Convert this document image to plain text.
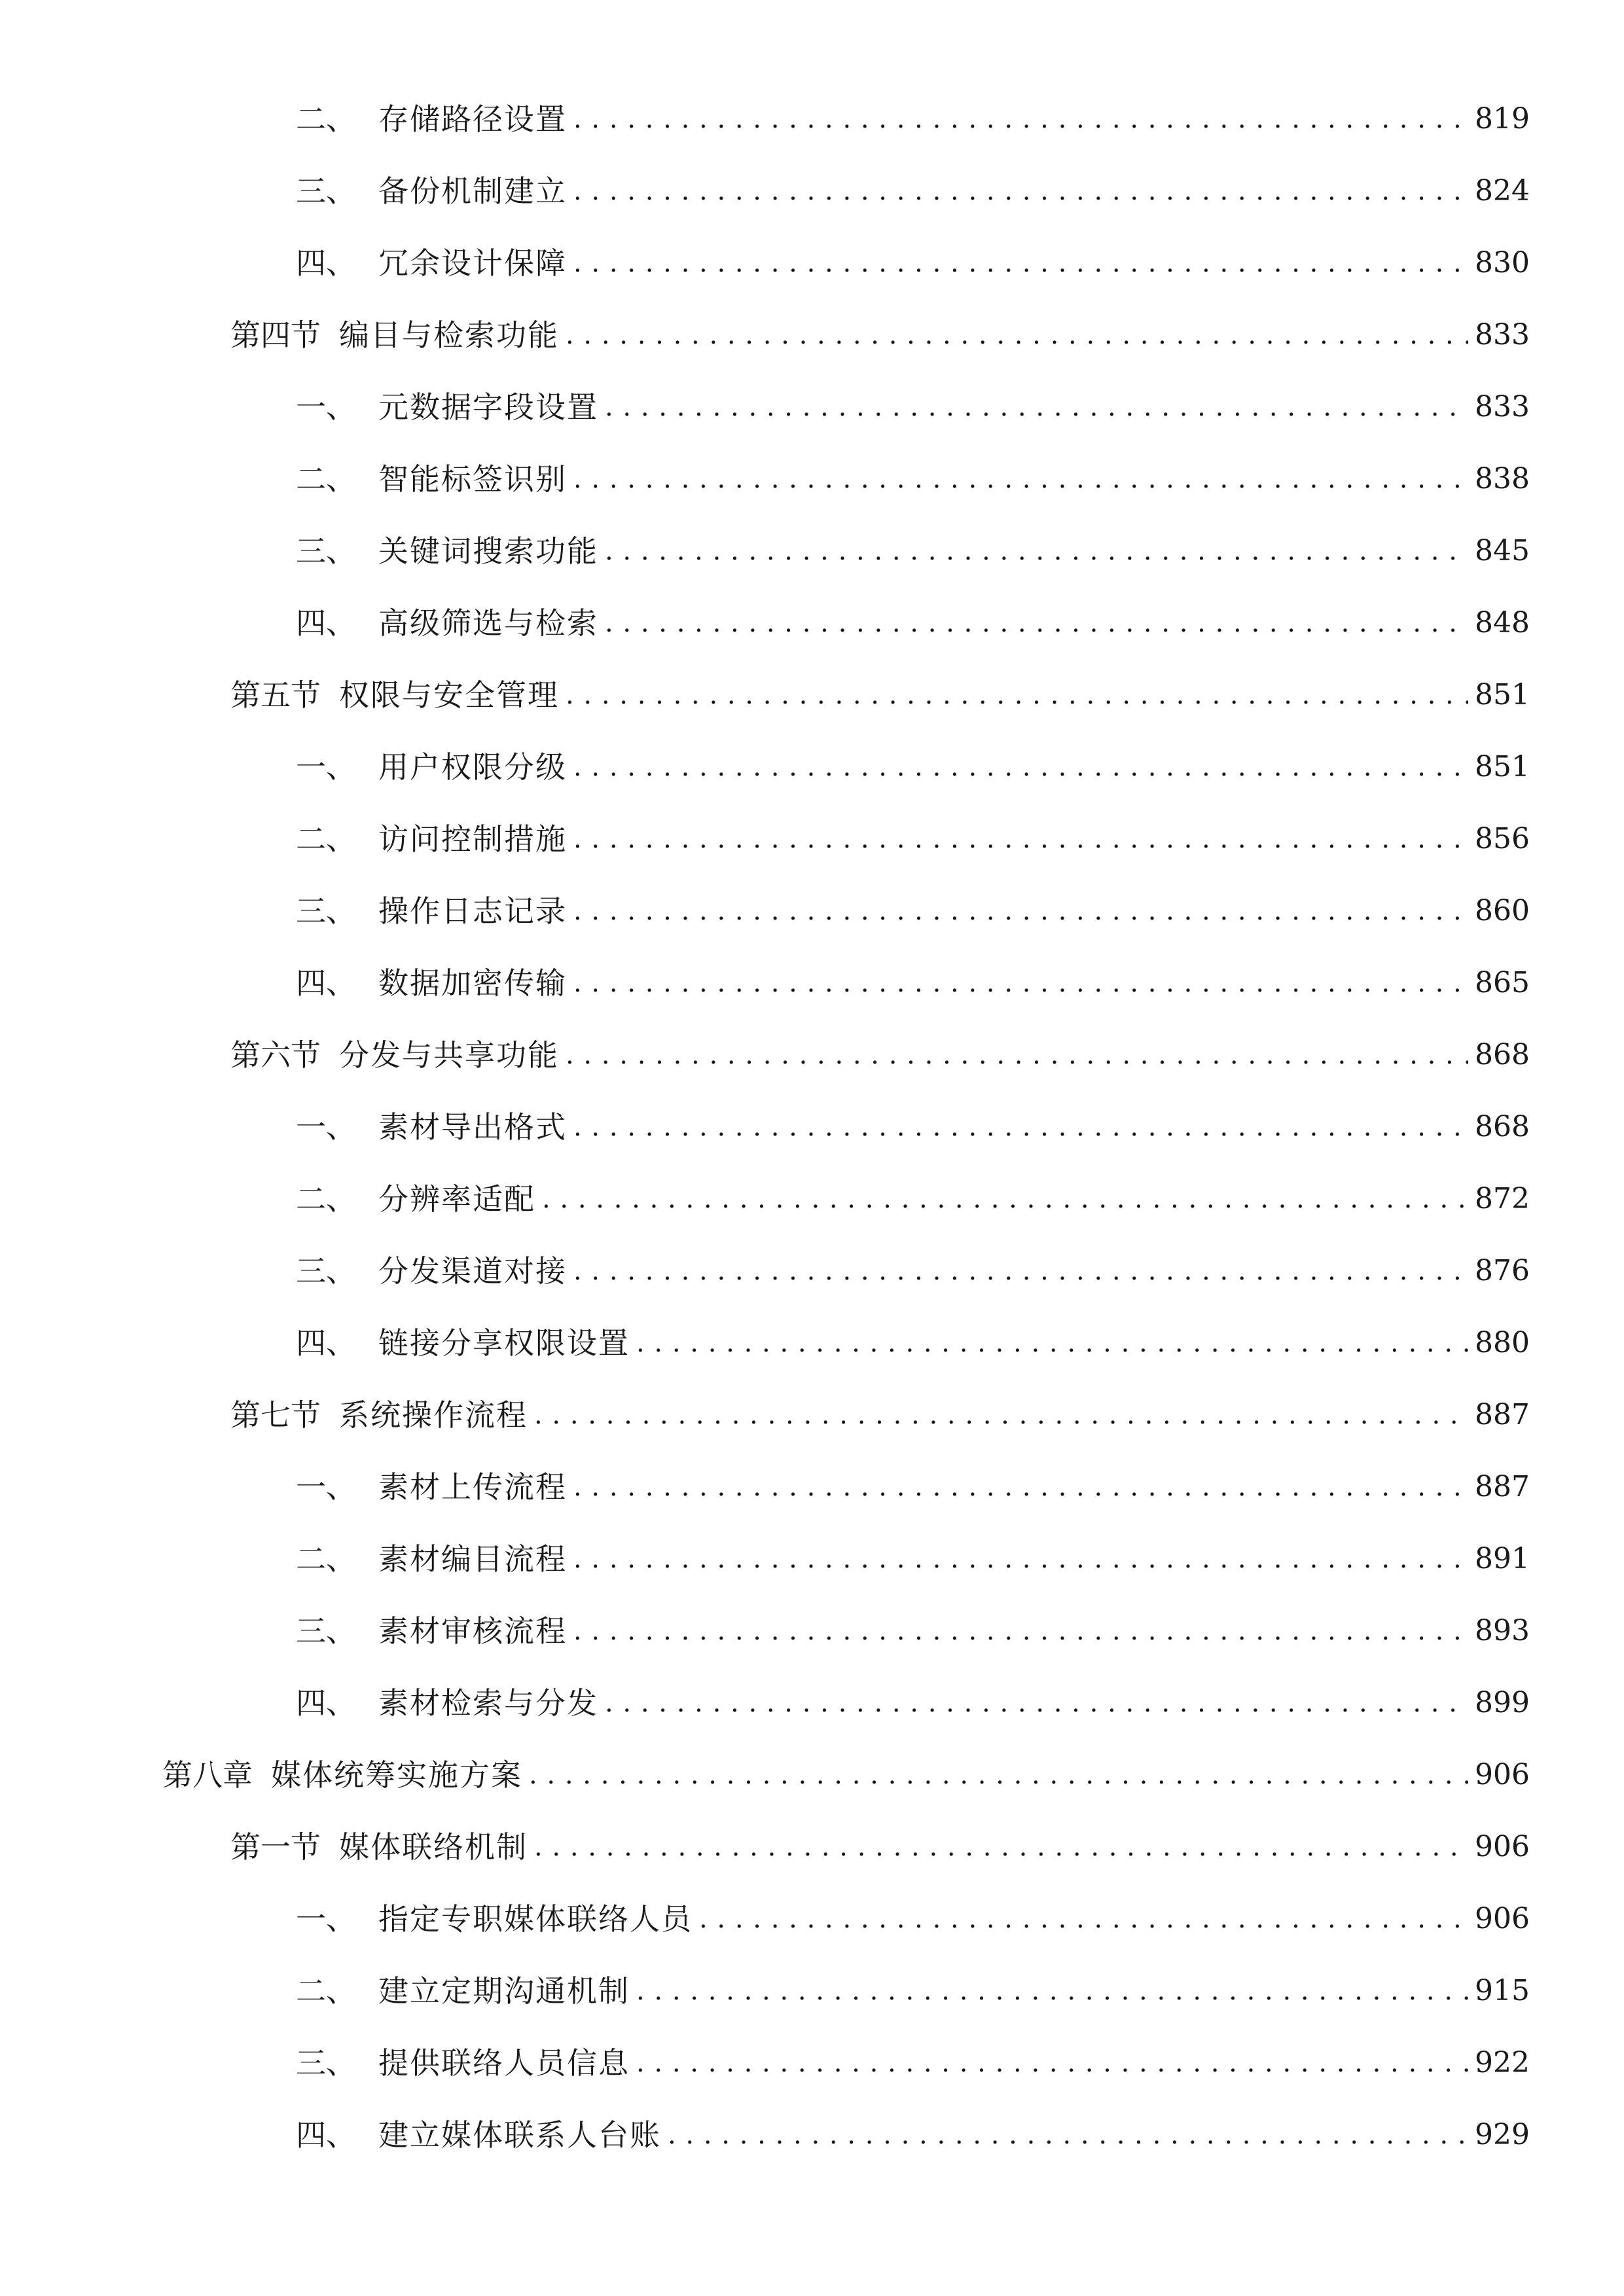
二、 存储路径设置 . . .	819
三、 备份机制建立 . . .	824
四、 冗余设计保障 . . .	830
第四节 编目与检索功能 . . .	833
一、 元数据字段设置 . . .	833
二、 智能标签识别 . . .	838
三、 关键词搜索功能 . . .	845
四、 高级筛选与检索 . . .	848
第五节 权限与安全管理 . . .	851
一、 用户权限分级 . . .	851
二、 访问控制措施 . . .	856
三、 操作日志记录 . . .	860
四、 数据加密传输 . . .	865
第六节 分发与共享功能 . . .	868
一、 素材导出格式 . . .	868
二、 分辨率适配 . . .	872
三、 分发渠道对接 . . .	876
四、 链接分享权限设置 . . .	880
第七节 系统操作流程 . . .	887
一、 素材上传流程 . . .	887
二、 素材编目流程 . . .	891
三、 素材审核流程 . . .	893
四、 素材检索与分发 . . .	899
第八章 媒体统筹实施方案 . . .	906
第一节 媒体联络机制 . . .	906
一、 指定专职媒体联络人员 . . .	906
二、 建立定期沟通机制 . . .	915
三、 提供联络人员信息 . . .	922
四、 建立媒体联系人台账 . . .	929
